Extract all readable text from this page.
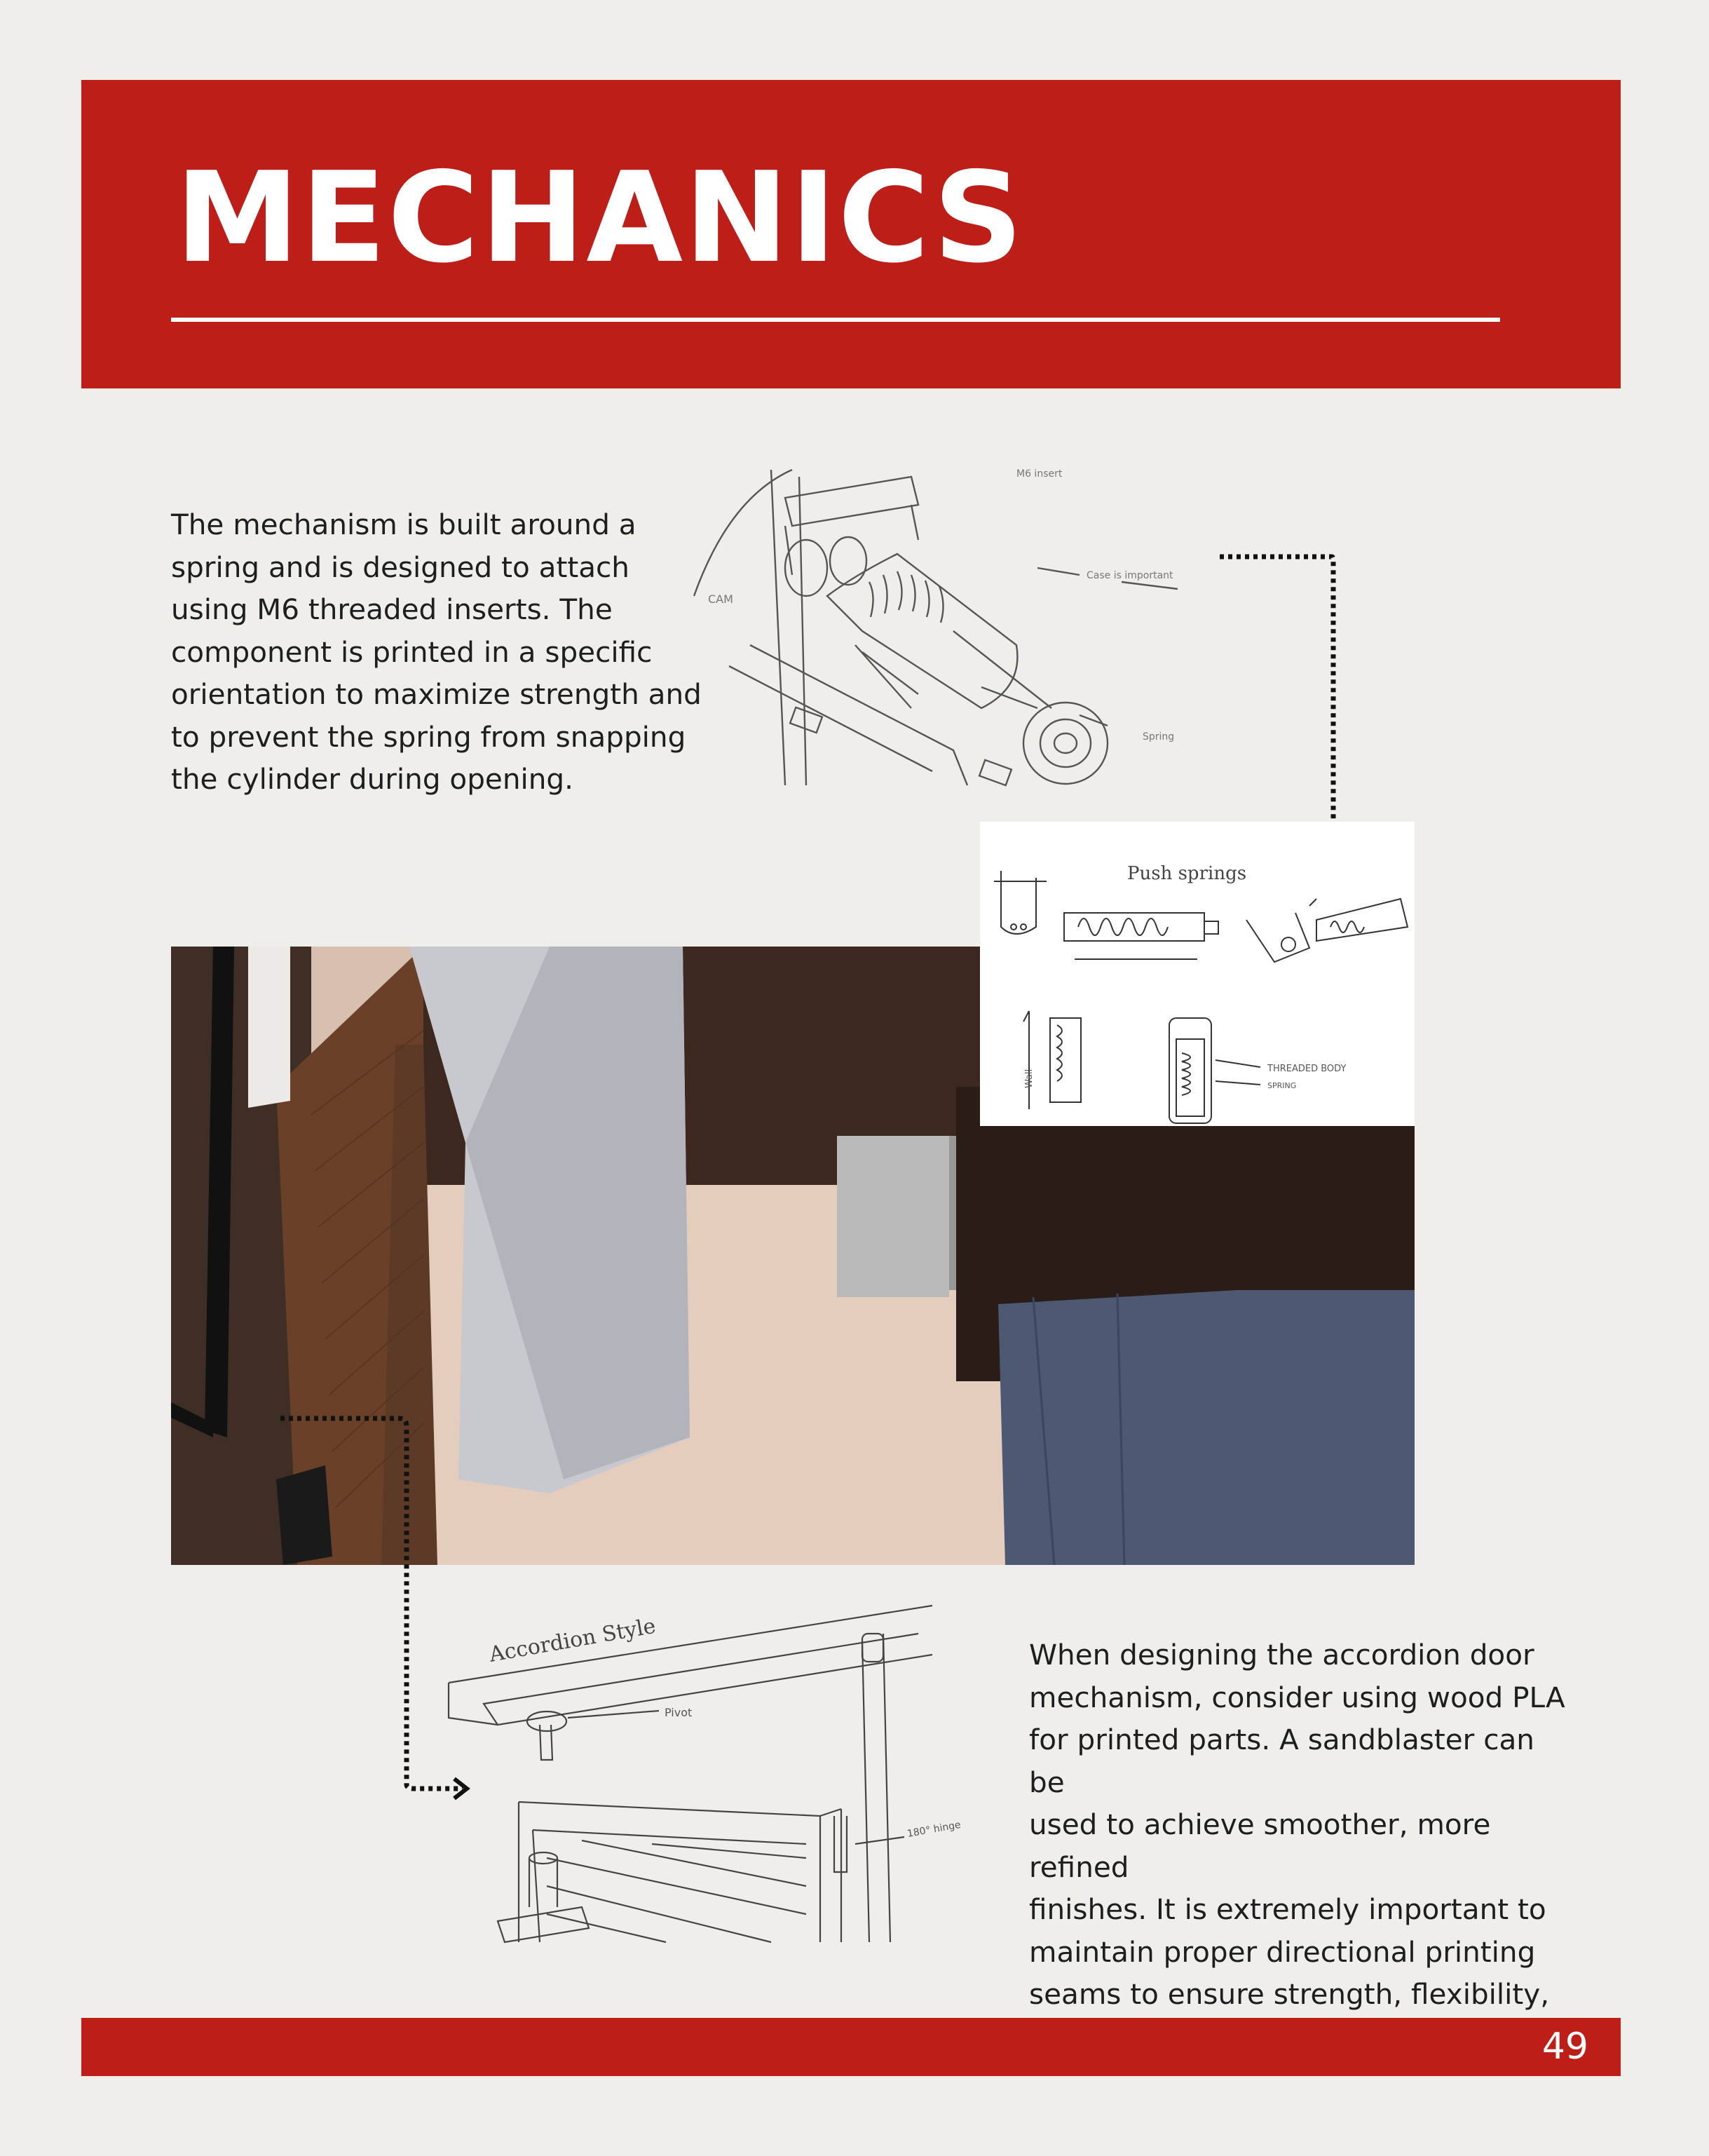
MECHANICS

The mechanism is built around a
spring and is designed to attach
using M6 threaded inserts. The
component is printed in a specific
orientation to maximize strength and
to prevent the spring from snapping
the cylinder during opening.

CAM
Case is important
Spring
M6 insert
Push springs
THREADED BODY
SPRING
Wall
Accordion Style
Pivot
180° hinge

When designing the accordion door
mechanism, consider using wood PLA
for printed parts. A sandblaster can be
used to achieve smoother, more refined
finishes. It is extremely important to
maintain proper directional printing
seams to ensure strength, flexibility,

49
